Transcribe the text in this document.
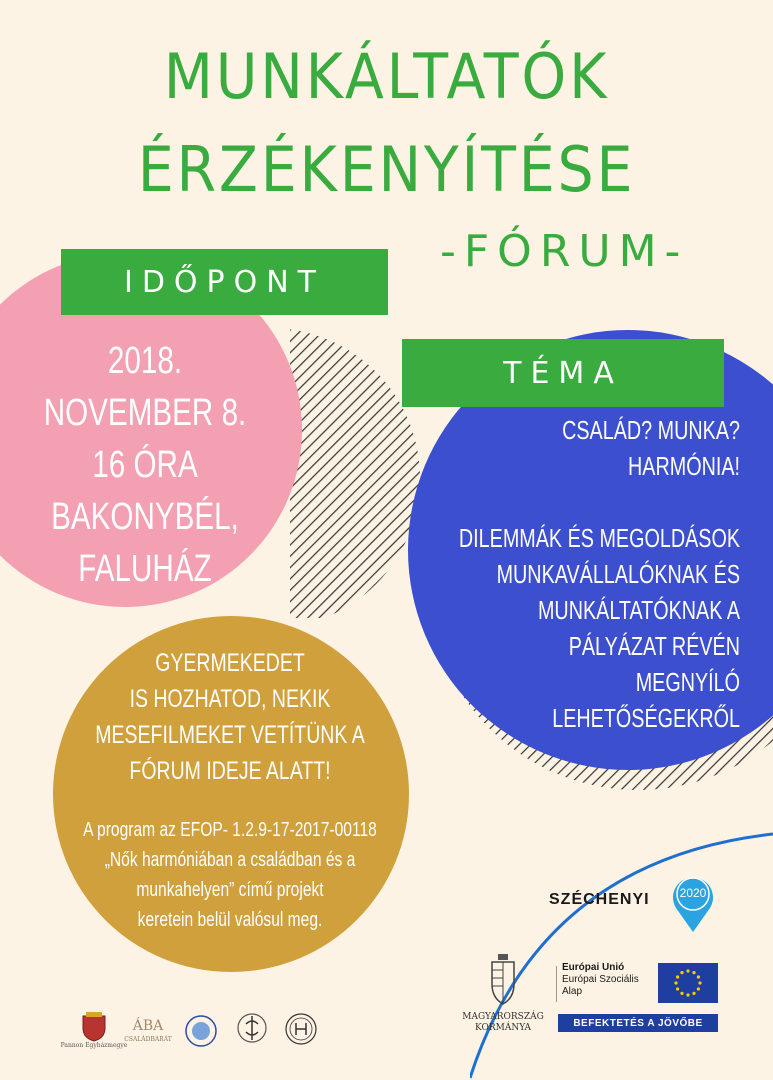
MUNKÁLTATÓK
ÉRZÉKENYÍTÉSE
-FÓRUM-
IDŐPONT
TÉMA
2018.
NOVEMBER 8.
16 ÓRA
BAKONYBÉL,
FALUHÁZ
CSALÁD? MUNKA?
HARMÓNIA!
DILEMMÁK ÉS MEGOLDÁSOK
MUNKAVÁLLALÓKNAK ÉS
MUNKÁLTATÓKNAK A
PÁLYÁZAT RÉVÉN
MEGNYÍLÓ
LEHETŐSÉGEKRŐL
GYERMEKEDET
IS HOZHATOD, NEKIK
MESEFILMEKET VETÍTÜNK A
FÓRUM IDEJE ALATT!
A program az EFOP- 1.2.9-17-2017-00118
„Nők harmóniában a családban és a
munkahelyen” című projekt
keretein belül valósul meg.
SZÉCHENYI	2020
MAGYARORSZÁG
KORMÁNYA
Európai Unió
Európai Szociális
Alap
BEFEKTETÉS A JÖVŐBE
Pannon Egyházmegye
ÁBA
CSALÁDBARÁT
